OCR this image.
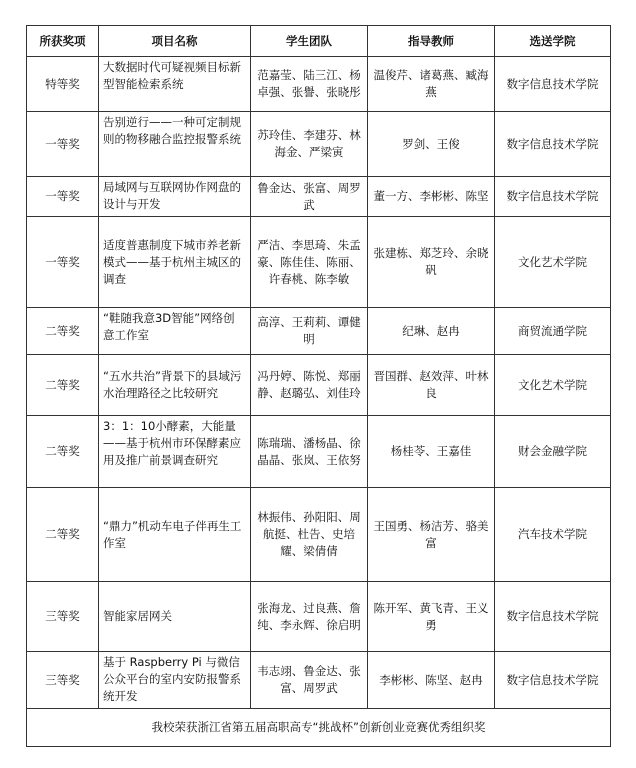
所获奖项	项目名称	学生团队	指导教师	选送学院
特等奖	大数据时代可疑视频目标新型智能检索系统	范嘉莹、陆三江、杨卓强、张譽、张晓彤	温俊芹、诸葛燕、臧海燕	数字信息技术学院
一等奖	告别逆行——一种可定制规则的物移融合监控报警系统	苏玲佳、李建芬、林海金、严梁寅	罗剑、王俊	数字信息技术学院
一等奖	局域网与互联网协作网盘的设计与开发	鲁金达、张富、周罗武	董一方、李彬彬、陈坚	数字信息技术学院
一等奖	适度普惠制度下城市养老新模式——基于杭州主城区的调查	严洁、李思琦、朱孟豪、陈佳佳、陈丽、许春桃、陈李敏	张建栋、郑芝玲、余晓矾	文化艺术学院
二等奖	“鞋随我意3D智能”网络创意工作室	高淳、王莉莉、谭健明	纪琳、赵冉	商贸流通学院
二等奖	“五水共治”背景下的县域污水治理路径之比较研究	冯丹婷、陈悦、郑丽静、赵璐弘、刘佳玲	晋国群、赵效萍、叶林良	文化艺术学院
二等奖	3：1：10小酵素，大能量——基于杭州市环保酵素应用及推广前景调查研究	陈瑞瑞、潘杨晶、徐晶晶、张岚、王依努	杨桂苓、王嘉佳	财会金融学院
二等奖	“鼎力”机动车电子伴再生工作室	林振伟、孙阳阳、周航挺、杜告、史培耀、梁倩倩	王国勇、杨洁芳、骆美富	汽车技术学院
三等奖	智能家居网关	张海龙、过良燕、詹纯、李永辉、徐启明	陈开军、黄飞青、王义勇	数字信息技术学院
三等奖	基于 Raspberry Pi 与微信公众平台的室内安防报警系统开发	韦志翊、鲁金达、张富、周罗武	李彬彬、陈坚、赵冉	数字信息技术学院
我校荣获浙江省第五届高职高专“挑战杯”创新创业竞赛优秀组织奖				
